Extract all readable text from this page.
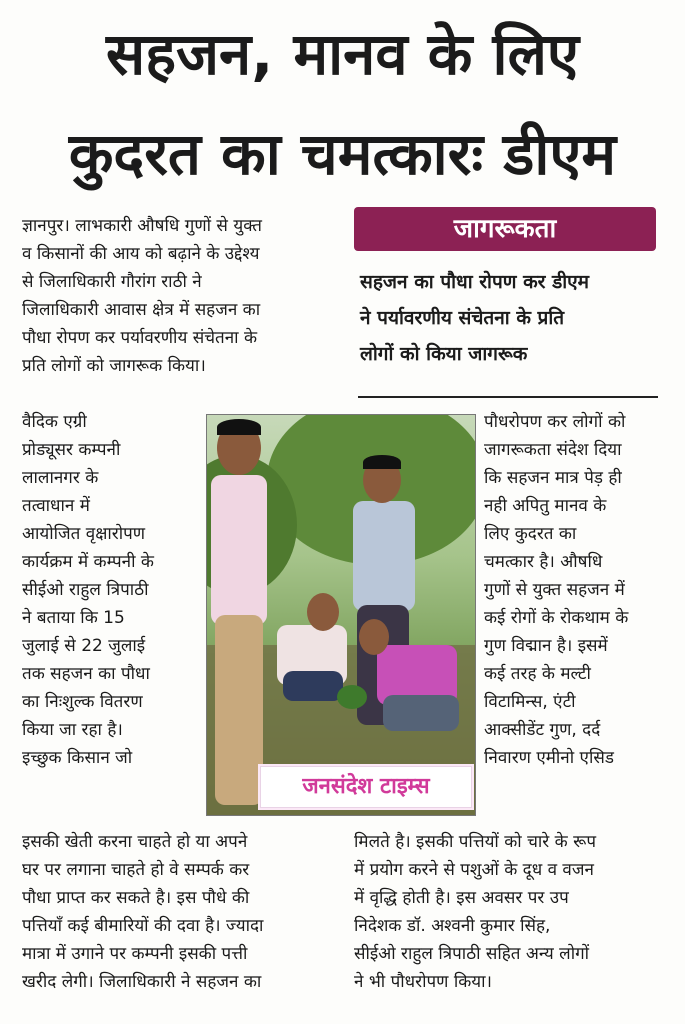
सहजन, मानव के लिए
कुदरत का चमत्कारः डीएम
ज्ञानपुर। लाभकारी औषधि गुणों से युक्त
व किसानों की आय को बढ़ाने के उद्देश्य
से जिलाधिकारी गौरांग राठी ने
जिलाधिकारी आवास क्षेत्र में सहजन का
पौधा रोपण कर पर्यावरणीय संचेतना के
प्रति लोगों को जागरूक किया।
जागरूकता
सहजन का पौधा रोपण कर डीएम
ने पर्यावरणीय संचेतना के प्रति
लोगों को किया जागरूक
वैदिक एग्री
प्रोड्यूसर कम्पनी
लालानगर के
तत्वाधान में
आयोजित वृक्षारोपण
कार्यक्रम में कम्पनी के
सीईओ राहुल त्रिपाठी
ने बताया कि 15
जुलाई से 22 जुलाई
तक सहजन का पौधा
का निःशुल्क वितरण
किया जा रहा है।
इच्छुक किसान जो
जनसंदेश टाइम्स
पौधरोपण कर लोगों को
जागरूकता संदेश दिया
कि सहजन मात्र पेड़ ही
नही अपितु मानव के
लिए कुदरत का
चमत्कार है। औषधि
गुणों से युक्त सहजन में
कई रोगों के रोकथाम के
गुण विद्मान है। इसमें
कई तरह के मल्टी
विटामिन्स, एंटी
आक्सीडेंट गुण, दर्द
निवारण एमीनो एसिड
इसकी खेती करना चाहते हो या अपने
घर पर लगाना चाहते हो वे सम्पर्क कर
पौधा प्राप्त कर सकते है। इस पौधे की
पत्तियाँ कई बीमारियों की दवा है। ज्यादा
मात्रा में उगाने पर कम्पनी इसकी पत्ती
खरीद लेगी। जिलाधिकारी ने सहजन का
मिलते है। इसकी पत्तियों को चारे के रूप
में प्रयोग करने से पशुओं के दूध व वजन
में वृद्धि होती है। इस अवसर पर उप
निदेशक डॉ. अश्वनी कुमार सिंह,
सीईओ राहुल त्रिपाठी सहित अन्य लोगों
ने भी पौधरोपण किया।
